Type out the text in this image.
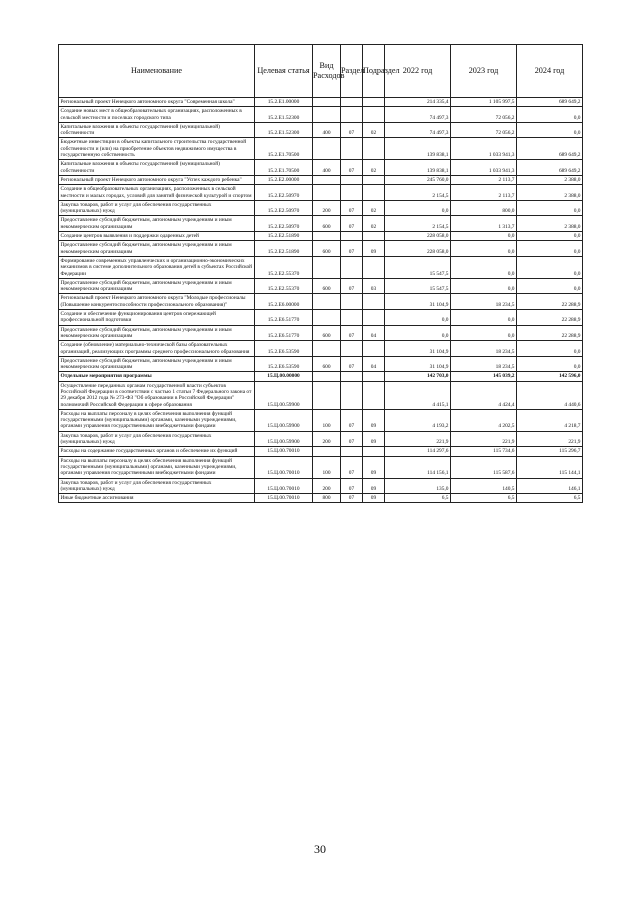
Наименование	Целевая статья	Вид Расходов	Раздел	Подраздел	2022 год	2023 год	2024 год
Региональный проект Ненецкого автономного округа "Современная школа"	15.2.Е1.00000				214 335,4	1 105 997,5	689 649,2
Создание новых мест в общеобразовательных организациях, расположенных в сельской местности и поселках городского типа	15.2.Е1.52300				74 497,3	72 056,2	0,0
Капитальные вложения в объекты государственной (муниципальной) собственности	15.2.Е1.52300	400	07	02	74 497,3	72 056,2	0,0
Бюджетные инвестиции в объекты капитального строительства государственной собственности и (или) на приобретение объектов недвижимого имущества в государственную собственность	15.2.Е1.70500				139 838,1	1 033 941,3	689 649,2
Капитальные вложения в объекты государственной (муниципальной) собственности	15.2.Е1.70500	400	07	02	139 838,1	1 033 941,3	689 649,2
Региональный проект Ненецкого автономного округа "Успех каждого ребенка"	15.2.Е2.00000				245 760,0	2 113,7	2 388,0
Создание в общеобразовательных организациях, расположенных в сельской местности и малых городах, условий для занятий физической культурой и спортом	15.2.Е2.50970				2 154,5	2 113,7	2 388,0
Закупка товаров, работ и услуг для обеспечения государственных (муниципальных) нужд	15.2.Е2.50970	200	07	02	0,0	800,0	0,0
Предоставление субсидий бюджетным, автономным учреждениям и иным некоммерческим организациям	15.2.Е2.50970	600	07	02	2 154,5	1 313,7	2 388,0
Создание центров выявления и поддержки одаренных детей	15.2.Е2.51890				228 058,0	0,0	0,0
Предоставление субсидий бюджетным, автономным учреждениям и иным некоммерческим организациям	15.2.Е2.51890	600	07	09	228 058,0	0,0	0,0
Формирование современных управленческих и организационно-экономических механизмов в системе дополнительного образования детей в субъектах Российской Федерации	15.2.Е2.55370				15 547,5	0,0	0,0
Предоставление субсидий бюджетным, автономным учреждениям и иным некоммерческим организациям	15.2.Е2.55370	600	07	03	15 547,5	0,0	0,0
Региональный проект Ненецкого автономного округа "Молодые профессионалы (Повышение конкурентоспособности профессионального образования)"	15.2.Е6.00000				31 104,9	18 234,5	22 288,9
Создание и обеспечение функционирования центров опережающей профессиональной подготовки	15.2.Е6.51770				0,0	0,0	22 288,9
Предоставление субсидий бюджетным, автономным учреждениям и иным некоммерческим организациям	15.2.Е6.51770	600	07	04	0,0	0,0	22 288,9
Создание (обновление) материально-технической базы образовательных организаций, реализующих программы среднего профессионального образования	15.2.Е6.53590				31 104,9	18 234,5	0,0
Предоставление субсидий бюджетным, автономным учреждениям и иным некоммерческим организациям	15.2.Е6.53590	600	07	04	31 104,9	18 234,5	0,0
Отдельные мероприятия программы	15.Ц.00.00000				142 703,0	145 039,2	142 596,0
Осуществление переданных органам государственной власти субъектов Российской Федерации в соответствии с частью 1 статьи 7 Федерального закона от 29 декабря 2012 года № 273-ФЗ "Об образовании в Российской Федерации" полномочий Российской Федерации в сфере образования	15.Ц.00.59900				4 415,1	4 424,4	4 440,6
Расходы на выплаты персоналу в целях обеспечения выполнения функций государственными (муниципальными) органами, казенными учреждениями, органами управления государственными внебюджетными фондами	15.Ц.00.59900	100	07	09	4 193,2	4 202,5	4 218,7
Закупка товаров, работ и услуг для обеспечения государственных (муниципальных) нужд	15.Ц.00.59900	200	07	09	221,9	221,9	221,9
Расходы на содержание государственных органов и обеспечение их функций	15.Ц.00.70010				114 297,6	115 734,6	115 296,7
Расходы на выплаты персоналу в целях обеспечения выполнения функций государственными (муниципальными) органами, казенными учреждениями, органами управления государственными внебюджетными фондами	15.Ц.00.70010	100	07	09	114 156,1	115 587,6	115 144,1
Закупка товаров, работ и услуг для обеспечения государственных (муниципальных) нужд	15.Ц.00.70010	200	07	09	135,0	140,5	146,1
Иные бюджетные ассигнования	15.Ц.00.70010	800	07	09	6,5	6,5	6,5
30
